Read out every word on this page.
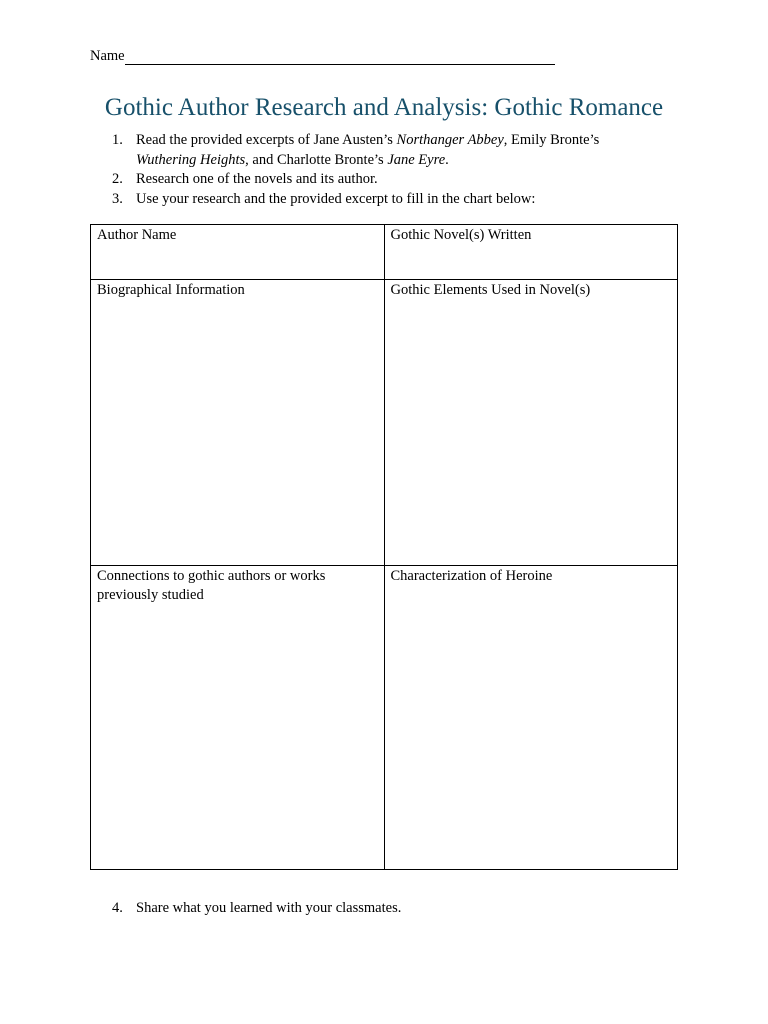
Name
Gothic Author Research and Analysis: Gothic Romance
1. Read the provided excerpts of Jane Austen’s Northanger Abbey, Emily Bronte’s Wuthering Heights, and Charlotte Bronte’s Jane Eyre.
2. Research one of the novels and its author.
3. Use your research and the provided excerpt to fill in the chart below:
Author Name	Gothic Novel(s) Written
Biographical Information	Gothic Elements Used in Novel(s)
Connections to gothic authors or works previously studied	Characterization of Heroine
4. Share what you learned with your classmates.
